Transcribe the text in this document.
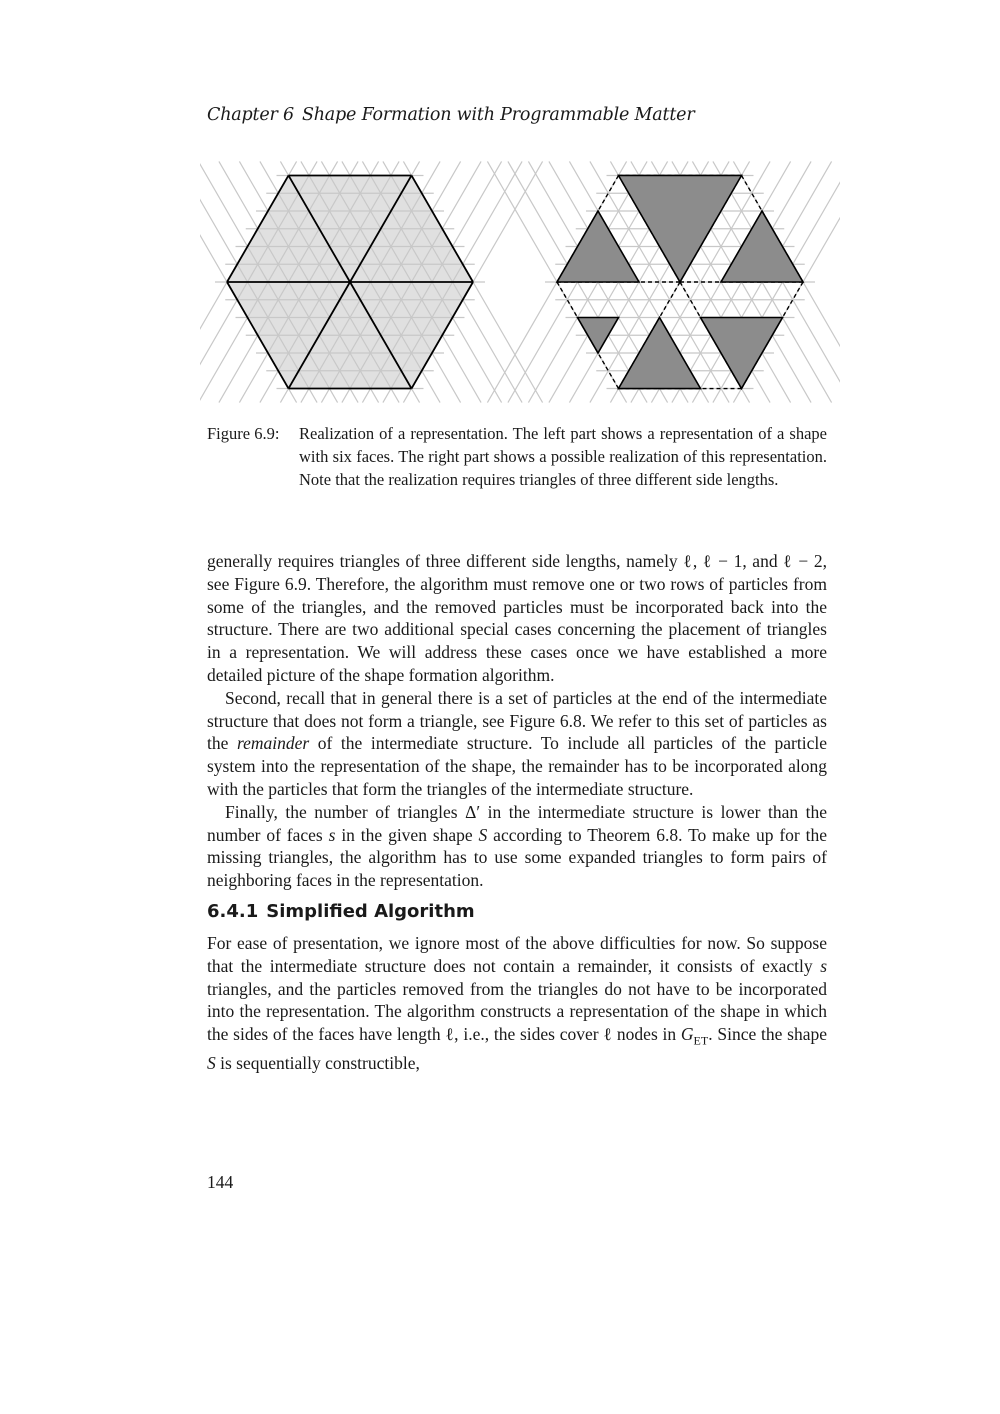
Chapter 6 Shape Formation with Programmable Matter
Figure 6.9: Realization of a representation. The left part shows a representation of a shape with six faces. The right part shows a possible realization of this representation. Note that the realization requires triangles of three different side lengths.

generally requires triangles of three different side lengths, namely ℓ, ℓ − 1, and ℓ − 2, see Figure 6.9. Therefore, the algorithm must remove one or two rows of particles from some of the triangles, and the removed particles must be incorporated back into the structure. There are two additional special cases concerning the placement of triangles in a representation. We will address these cases once we have established a more detailed picture of the shape formation algorithm.

Second, recall that in general there is a set of particles at the end of the intermediate structure that does not form a triangle, see Figure 6.8. We refer to this set of particles as the remainder of the intermediate structure. To include all particles of the particle system into the representation of the shape, the remainder has to be incorporated along with the particles that form the triangles of the intermediate structure.

Finally, the number of triangles Δ′ in the intermediate structure is lower than the number of faces s in the given shape S according to Theorem 6.8. To make up for the missing triangles, the algorithm has to use some expanded triangles to form pairs of neighboring faces in the representation.

6.4.1 Simplified Algorithm

For ease of presentation, we ignore most of the above difficulties for now. So suppose that the intermediate structure does not contain a remainder, it consists of exactly s triangles, and the particles removed from the triangles do not have to be incorporated into the representation. The algorithm constructs a representation of the shape in which the sides of the faces have length ℓ, i.e., the sides cover ℓ nodes in $G_{ET}$. Since the shape S is sequentially constructible,

144
